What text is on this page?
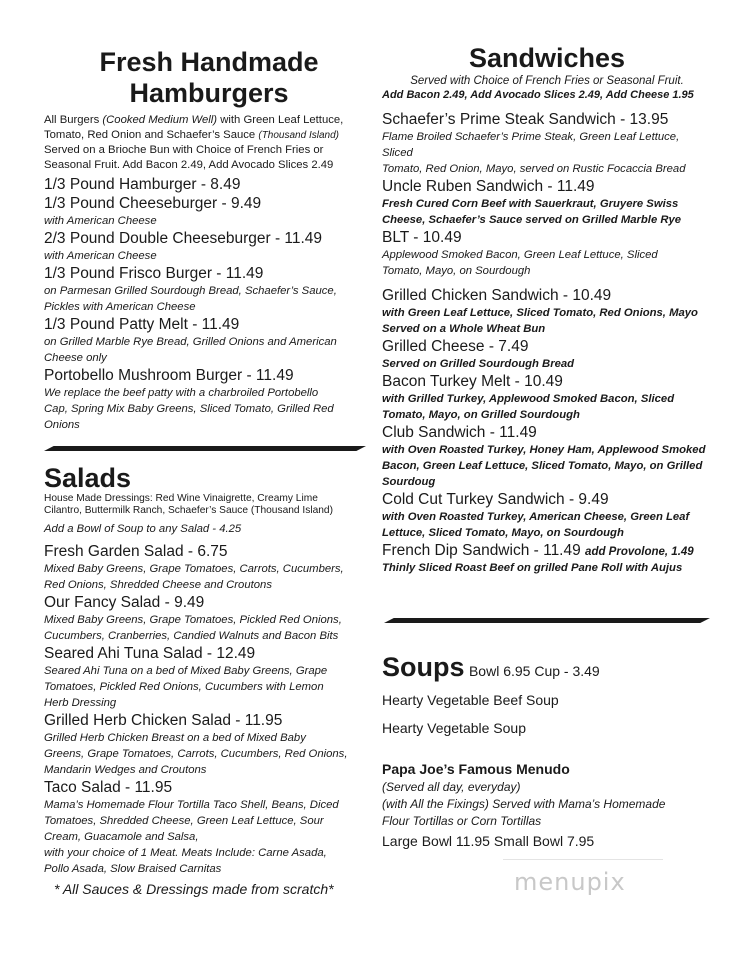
Fresh Handmade

Hamburgers

All Burgers (Cooked Medium Well) with Green Leaf Lettuce,
Tomato, Red Onion and Schaefer’s Sauce (Thousand Island)
Served on a Brioche Bun with Choice of French Fries or
Seasonal Fruit. Add Bacon 2.49, Add Avocado Slices 2.49

1/3 Pound Hamburger - 8.49

1/3 Pound Cheeseburger - 9.49

with American Cheese

2/3 Pound Double Cheeseburger - 11.49

with American Cheese

1/3 Pound Frisco Burger - 11.49

on Parmesan Grilled Sourdough Bread, Schaefer’s Sauce,

Pickles with American Cheese

1/3 Pound Patty Melt - 11.49

on Grilled Marble Rye Bread, Grilled Onions and American

Cheese only

Portobello Mushroom Burger - 11.49

We replace the beef patty with a charbroiled Portobello

Cap, Spring Mix Baby Greens, Sliced Tomato, Grilled Red

Onions

Salads

House Made Dressings: Red Wine Vinaigrette, Creamy Lime

Cilantro, Buttermilk Ranch, Schaefer’s Sauce (Thousand Island)

Add a Bowl of Soup to any Salad - 4.25

Fresh Garden Salad - 6.75

Mixed Baby Greens, Grape Tomatoes, Carrots, Cucumbers,

Red Onions, Shredded Cheese and Croutons

Our Fancy Salad - 9.49

Mixed Baby Greens, Grape Tomatoes, Pickled Red Onions,

Cucumbers, Cranberries, Candied Walnuts and Bacon Bits

Seared Ahi Tuna Salad - 12.49

Seared Ahi Tuna on a bed of Mixed Baby Greens, Grape

Tomatoes, Pickled Red Onions, Cucumbers with Lemon

Herb Dressing

Grilled Herb Chicken Salad - 11.95

Grilled Herb Chicken Breast on a bed of Mixed Baby

Greens, Grape Tomatoes, Carrots, Cucumbers, Red Onions,

Mandarin Wedges and Croutons

Taco Salad - 11.95

Mama’s Homemade Flour Tortilla Taco Shell, Beans, Diced

Tomatoes, Shredded Cheese, Green Leaf Lettuce, Sour

Cream, Guacamole and Salsa,

with your choice of 1 Meat. Meats Include: Carne Asada,

Pollo Asada, Slow Braised Carnitas

* All Sauces & Dressings made from scratch*

Sandwiches

Served with Choice of French Fries or Seasonal Fruit.

Add Bacon 2.49, Add Avocado Slices 2.49, Add Cheese 1.95

Schaefer’s Prime Steak Sandwich - 13.95

Flame Broiled Schaefer’s Prime Steak, Green Leaf Lettuce, Sliced

Tomato, Red Onion, Mayo, served on Rustic Focaccia Bread

Uncle Ruben Sandwich - 11.49

Fresh Cured Corn Beef with Sauerkraut, Gruyere Swiss

Cheese, Schaefer’s Sauce served on Grilled Marble Rye

BLT - 10.49

Applewood Smoked Bacon, Green Leaf Lettuce, Sliced

Tomato, Mayo, on Sourdough

Grilled Chicken Sandwich - 10.49

with Green Leaf Lettuce, Sliced Tomato, Red Onions, Mayo

Served on a Whole Wheat Bun

Grilled Cheese - 7.49

Served on Grilled Sourdough Bread

Bacon Turkey Melt - 10.49

with Grilled Turkey, Applewood Smoked Bacon, Sliced

Tomato, Mayo, on Grilled Sourdough

Club Sandwich - 11.49

with Oven Roasted Turkey, Honey Ham, Applewood Smoked

Bacon, Green Leaf Lettuce, Sliced Tomato, Mayo, on Grilled

Sourdoug

Cold Cut Turkey Sandwich - 9.49

with Oven Roasted Turkey, American Cheese, Green Leaf

Lettuce, Sliced Tomato, Mayo, on Sourdough

French Dip Sandwich - 11.49 add Provolone, 1.49

Thinly Sliced Roast Beef on grilled Pane Roll with Aujus

Soups Bowl 6.95 Cup - 3.49

Hearty Vegetable Beef Soup

Hearty Vegetable Soup

Papa Joe’s Famous Menudo

(Served all day, everyday)

(with All the Fixings) Served with Mama’s Homemade

Flour Tortillas or Corn Tortillas

Large Bowl 11.95 Small Bowl 7.95

menupix
